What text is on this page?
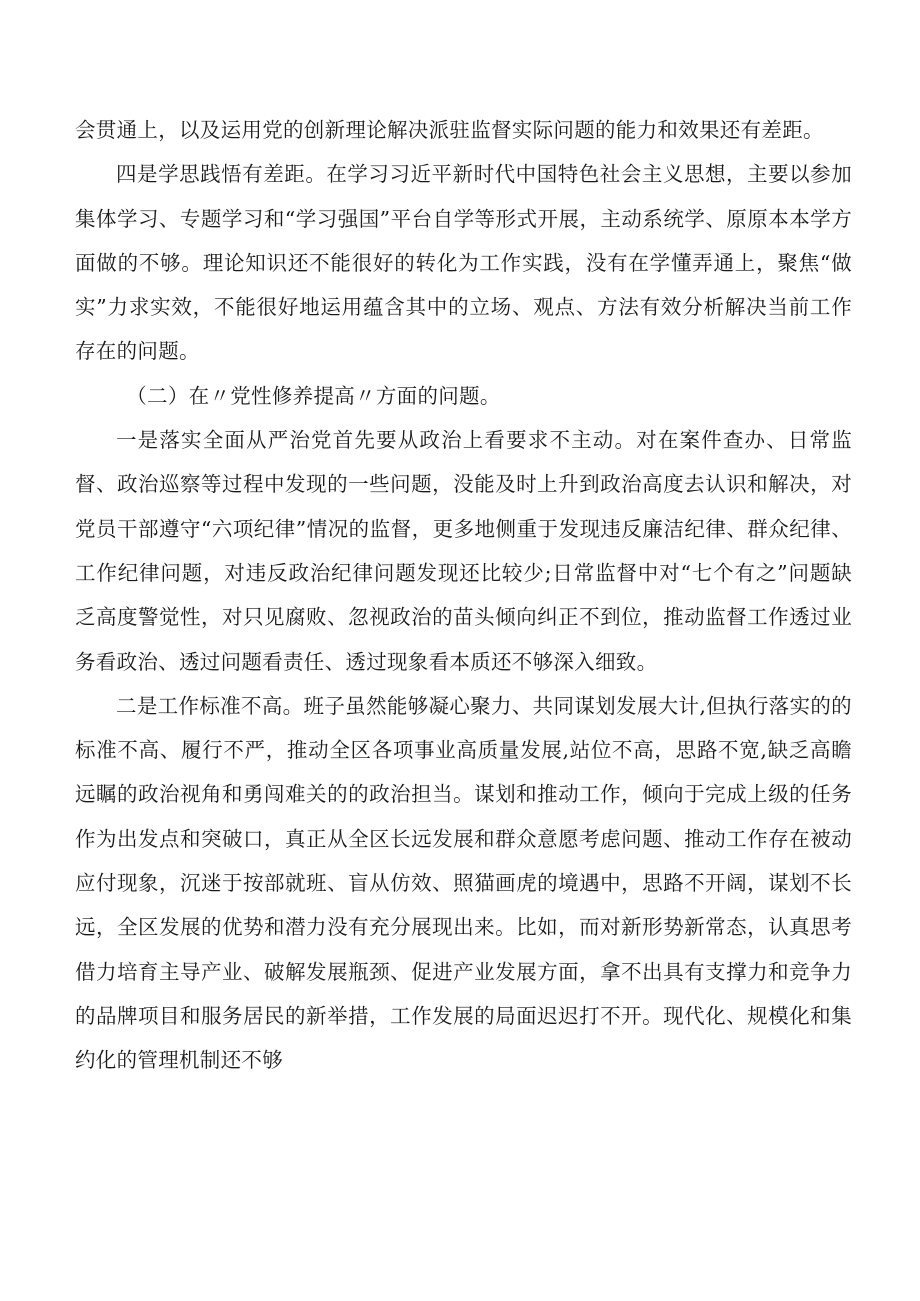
会贯通上，以及运用党的创新理论解决派驻监督实际问题的能力和效果还有差距。

四是学思践悟有差距。在学习习近平新时代中国特色社会主义思想，主要以参加集体学习、专题学习和“学习强国”平台自学等形式开展，主动系统学、原原本本学方面做的不够。理论知识还不能很好的转化为工作实践，没有在学懂弄通上，聚焦“做实”力求实效，不能很好地运用蕴含其中的立场、观点、方法有效分析解决当前工作存在的问题。

（二）在〃党性修养提高〃方面的问题。

一是落实全面从严治党首先要从政治上看要求不主动。对在案件查办、日常监督、政治巡察等过程中发现的一些问题，没能及时上升到政治高度去认识和解决，对党员干部遵守“六项纪律”情况的监督，更多地侧重于发现违反廉洁纪律、群众纪律、工作纪律问题，对违反政治纪律问题发现还比较少;日常监督中对“七个有之”问题缺乏高度警觉性，对只见腐败、忽视政治的苗头倾向纠正不到位，推动监督工作透过业务看政治、透过问题看责任、透过现象看本质还不够深入细致。

二是工作标准不高。班子虽然能够凝心聚力、共同谋划发展大计,但执行落实的的标准不高、履行不严，推动全区各项事业高质量发展,站位不高，思路不宽,缺乏高瞻远瞩的政治视角和勇闯难关的的政治担当。谋划和推动工作，倾向于完成上级的任务作为出发点和突破口，真正从全区长远发展和群众意愿考虑问题、推动工作存在被动应付现象，沉迷于按部就班、盲从仿效、照猫画虎的境遇中，思路不开阔，谋划不长远，全区发展的优势和潜力没有充分展现出来。比如，而对新形势新常态，认真思考借力培育主导产业、破解发展瓶颈、促进产业发展方面，拿不出具有支撑力和竞争力的品牌项目和服务居民的新举措，工作发展的局面迟迟打不开。现代化、规模化和集约化的管理机制还不够
